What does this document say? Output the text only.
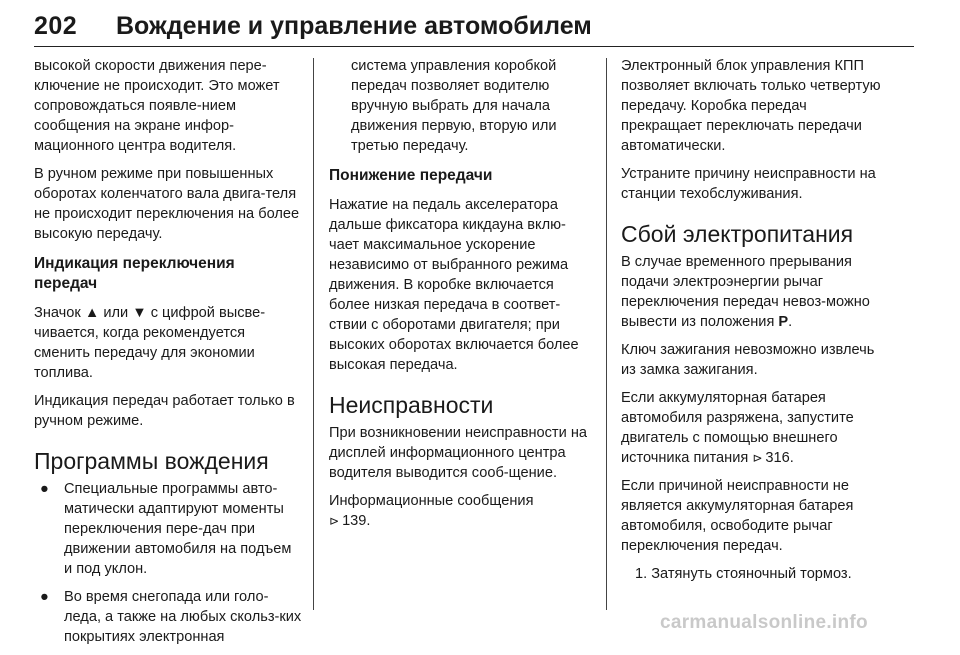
202 Вождение и управление автомобилем

высокой скорости движения пере-ключение не происходит. Это может сопровождаться появле-нием сообщения на экране инфор-мационного центра водителя.

В ручном режиме при повышенных оборотах коленчатого вала двига-теля не происходит переключения на более высокую передачу.

Индикация переключения передач

Значок ▲ или ▼ с цифрой высве-чивается, когда рекомендуется сменить передачу для экономии топлива.

Индикация передач работает только в ручном режиме.

Программы вождения
● Специальные программы авто-матически адаптируют моменты переключения пере-дач при движении автомобиля на подъем и под уклон.
● Во время снегопада или голо-леда, а также на любых скольз-ких покрытиях электронная

система управления коробкой передач позволяет водителю вручную выбрать для начала движения первую, вторую или третью передачу.

Понижение передачи

Нажатие на педаль акселератора дальше фиксатора кикдауна вклю-чает максимальное ускорение независимо от выбранного режима движения. В коробке включается более низкая передача в соответ-ствии с оборотами двигателя; при высоких оборотах включается более высокая передача.

Неисправности

При возникновении неисправности на дисплей информационного центра водителя выводится сооб-щение.

Информационные сообщения
⊳ 139.

Электронный блок управления КПП позволяет включать только четвертую передачу. Коробка передач прекращает переключать передачи автоматически.

Устраните причину неисправности на станции техобслуживания.

Сбой электропитания

В случае временного прерывания подачи электроэнергии рычаг переключения передач невоз-можно вывести из положения P.

Ключ зажигания невозможно извлечь из замка зажигания.

Если аккумуляторная батарея автомобиля разряжена, запустите двигатель с помощью внешнего источника питания ⊳ 316.

Если причиной неисправности не является аккумуляторная батарея автомобиля, освободите рычаг переключения передач.

1. Затянуть стояночный тормоз.

carmanualsonline.info
